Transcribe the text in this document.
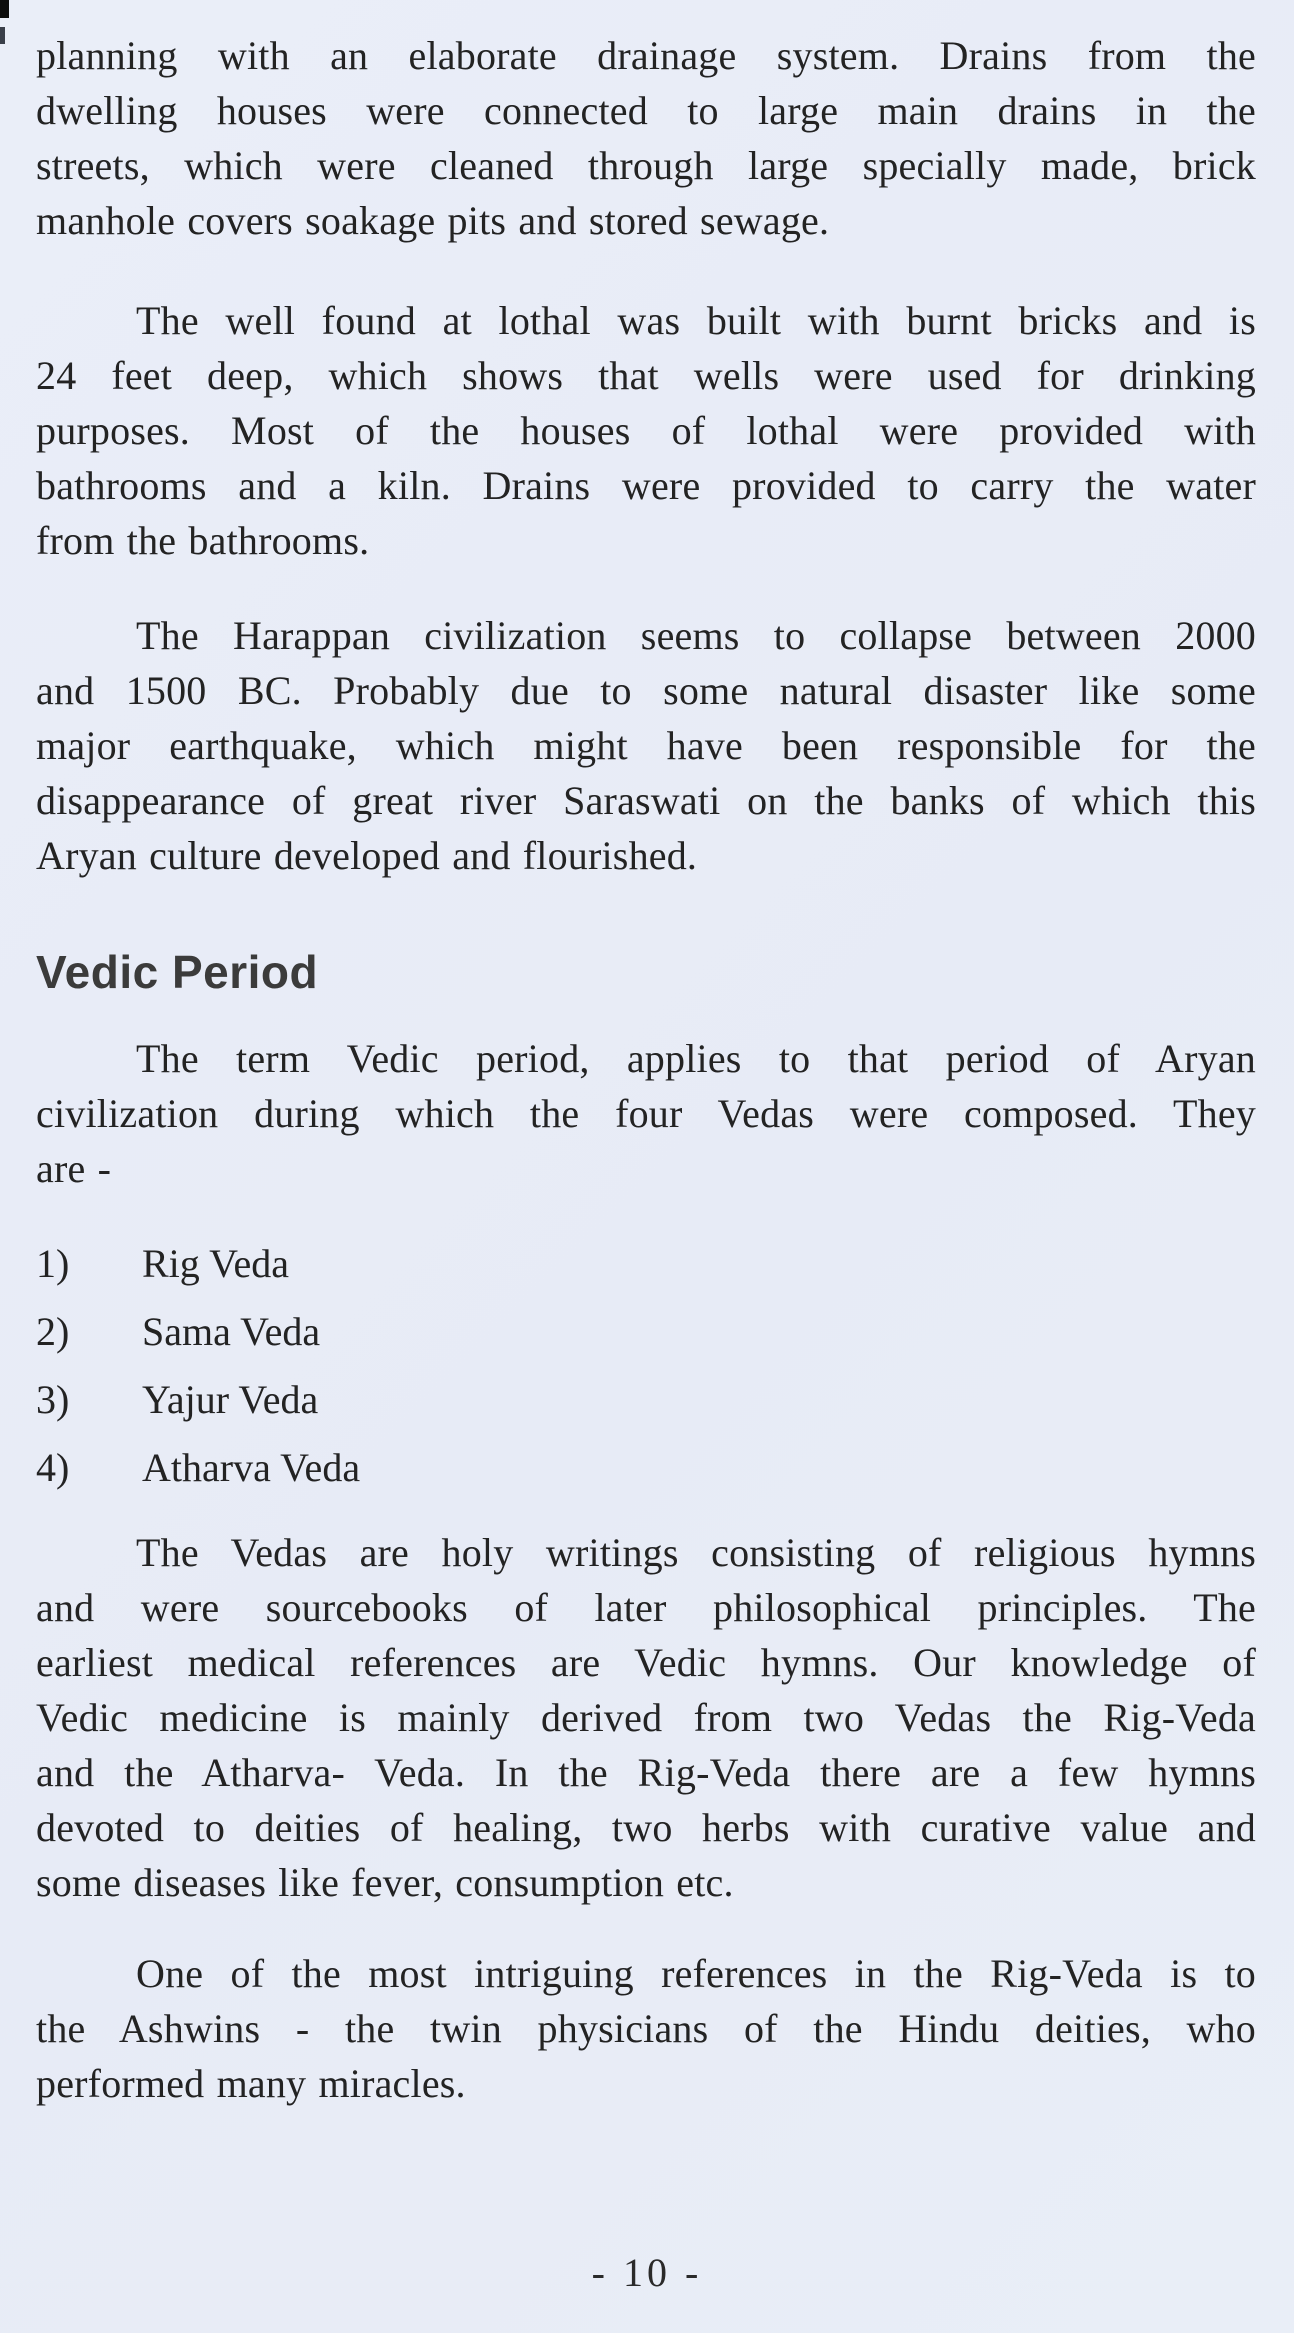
planning with an elaborate drainage system. Drains from the
dwelling houses were connected to large main drains in the
streets, which were cleaned through large specially made, brick
manhole covers soakage pits and stored sewage.
The well found at lothal was built with burnt bricks and is
24 feet deep, which shows that wells were used for drinking
purposes. Most of the houses of lothal were provided with
bathrooms and a kiln. Drains were provided to carry the water
from the bathrooms.
The Harappan civilization seems to collapse between 2000
and 1500 BC. Probably due to some natural disaster like some
major earthquake, which might have been responsible for the
disappearance of great river Saraswati on the banks of which this
Aryan culture developed and flourished.
Vedic Period
The term Vedic period, applies to that period of Aryan
civilization during which the four Vedas were composed. They
are -
1)	Rig Veda
2)	Sama Veda
3)	Yajur Veda
4)	Atharva Veda
The Vedas are holy writings consisting of religious hymns
and were sourcebooks of later philosophical principles. The
earliest medical references are Vedic hymns. Our knowledge of
Vedic medicine is mainly derived from two Vedas the Rig-Veda
and the Atharva- Veda. In the Rig-Veda there are a few hymns
devoted to deities of healing, two herbs with curative value and
some diseases like fever, consumption etc.
One of the most intriguing references in the Rig-Veda is to
the Ashwins - the twin physicians of the Hindu deities, who
performed many miracles.
- 10 -
